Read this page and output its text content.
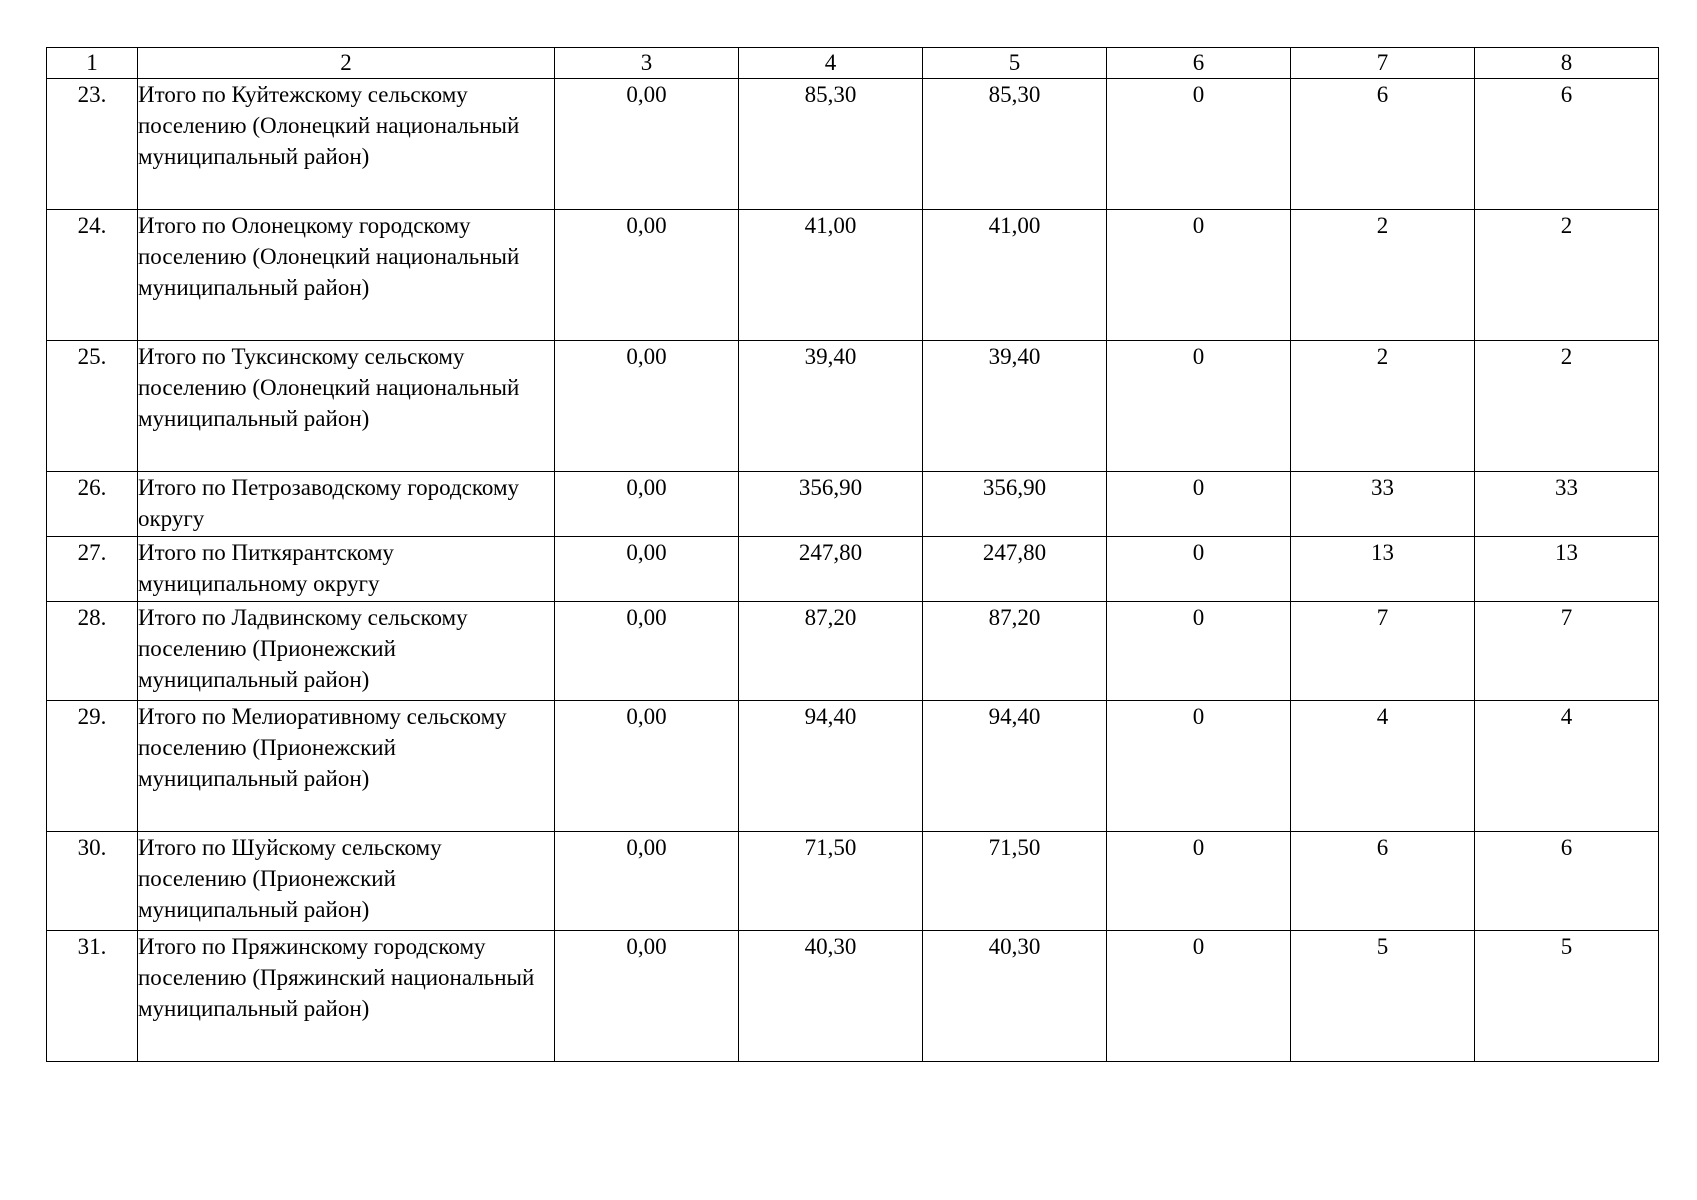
1	2	3	4	5	6	7	8
23.	Итого по Куйтежскому сельскому поселению (Олонецкий национальный муниципальный район)	0,00	85,30	85,30	0	6	6
24.	Итого по Олонецкому городскому поселению (Олонецкий национальный муниципальный район)	0,00	41,00	41,00	0	2	2
25.	Итого по Туксинскому сельскому поселению (Олонецкий национальный муниципальный район)	0,00	39,40	39,40	0	2	2
26.	Итого по Петрозаводскому городскому округу	0,00	356,90	356,90	0	33	33
27.	Итого по Питкярантскому муниципальному округу	0,00	247,80	247,80	0	13	13
28.	Итого по Ладвинскому сельскому поселению (Прионежский муниципальный район)	0,00	87,20	87,20	0	7	7
29.	Итого по Мелиоративному сельскому поселению (Прионежский муниципальный район)	0,00	94,40	94,40	0	4	4
30.	Итого по Шуйскому сельскому поселению (Прионежский муниципальный район)	0,00	71,50	71,50	0	6	6
31.	Итого по Пряжинскому городскому поселению (Пряжинский национальный муниципальный район)	0,00	40,30	40,30	0	5	5
